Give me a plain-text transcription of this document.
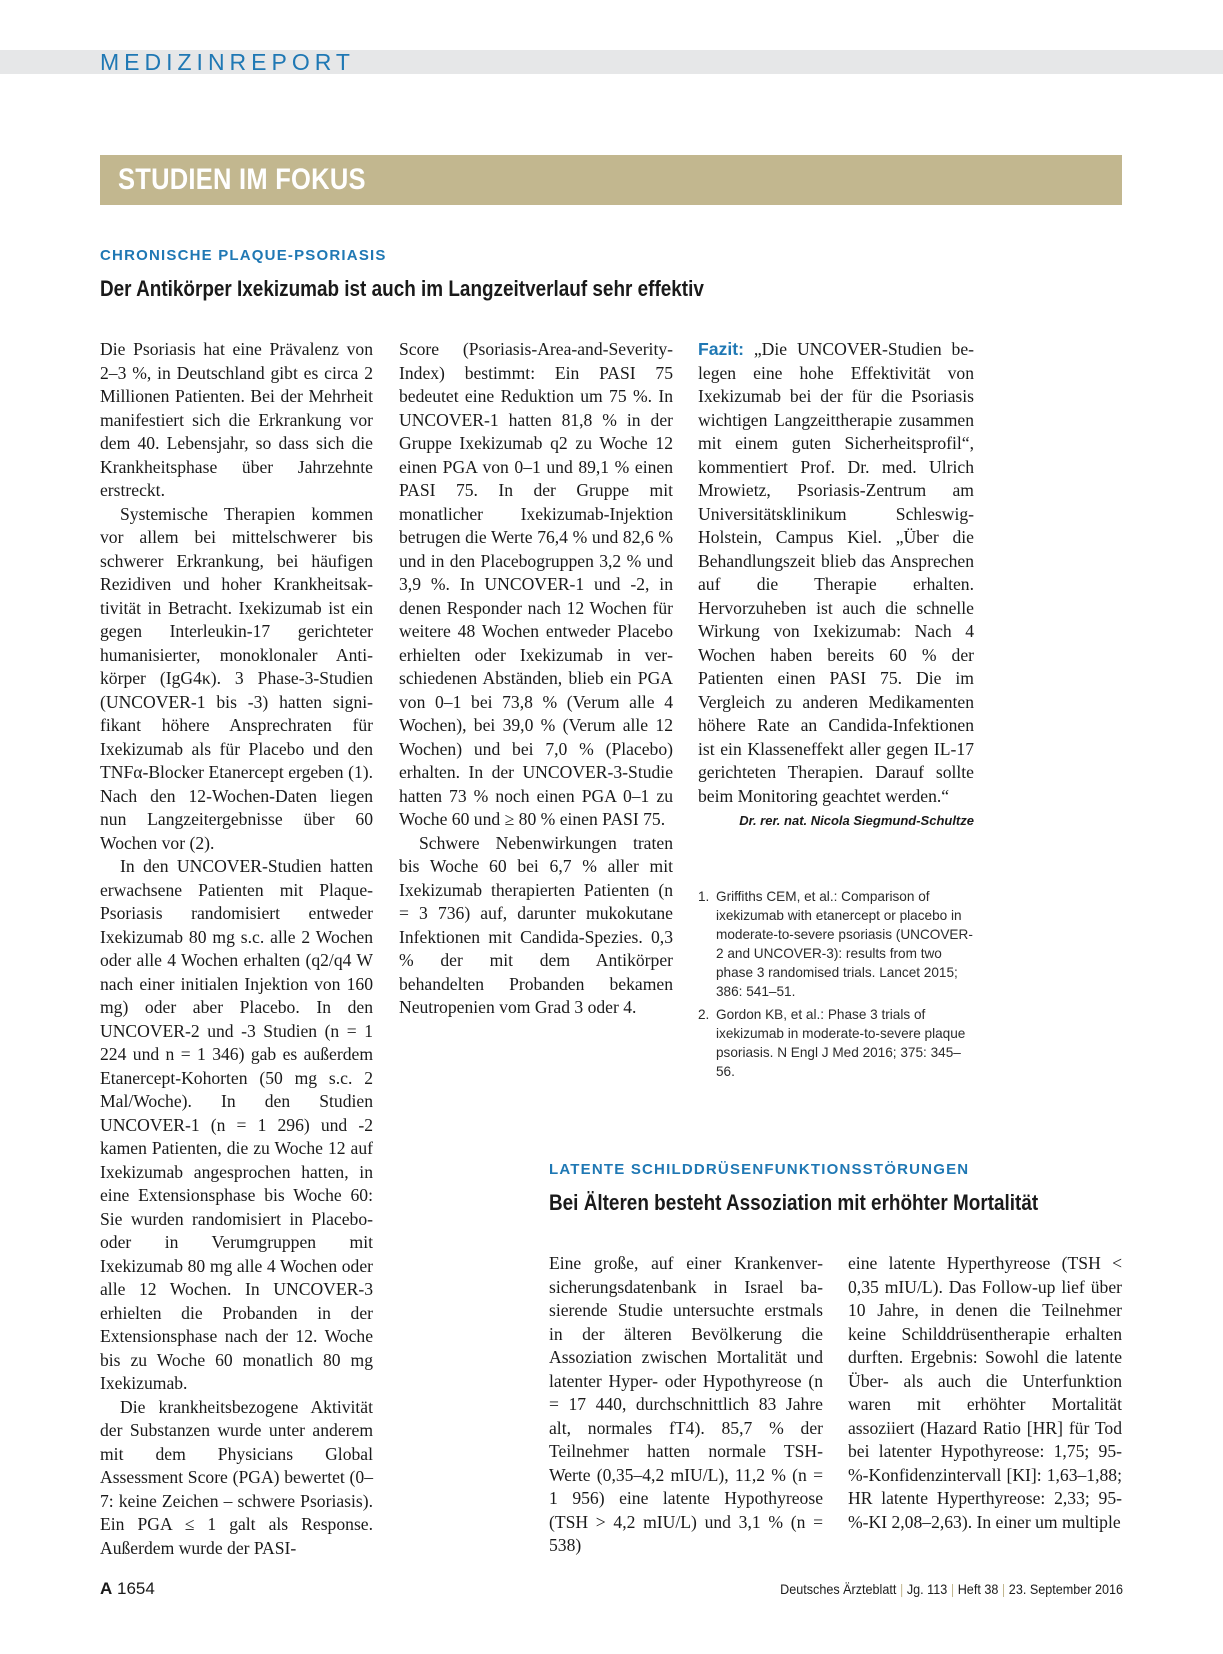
MEDIZINREPORT
STUDIEN IM FOKUS
CHRONISCHE PLAQUE-PSORIASIS
Der Antikörper Ixekizumab ist auch im Langzeitverlauf sehr effektiv

Die Psoriasis hat eine Prävalenz von 2–3 %, in Deutschland gibt es circa 2 Millionen Patienten. Bei der Mehrheit manifestiert sich die Erkrankung vor dem 40. Lebensjahr, so dass sich die Krankheitsphase über Jahrzehnte erstreckt.

Systemische Therapien kommen vor allem bei mittelschwerer bis schwerer Erkrankung, bei häufigen Rezidiven und hoher Krankheitsaktivität in Betracht. Ixekizumab ist ein gegen Interleukin-17 gerichteter humanisierter, monoklonaler Antikörper (IgG4κ). 3 Phase-3-Studien (UNCOVER-1 bis -3) hatten signifikant höhere Ansprechraten für Ixekizumab als für Placebo und den TNFα-Blocker Etanercept ergeben (1). Nach den 12-Wochen-Daten liegen nun Langzeitergebnisse über 60 Wochen vor (2).

In den UNCOVER-Studien hatten erwachsene Patienten mit Plaque-Psoriasis randomisiert entweder Ixekizumab 80 mg s.c. alle 2 Wochen oder alle 4 Wochen erhalten (q2/q4 W nach einer initialen Injektion von 160 mg) oder aber Placebo. In den UNCOVER-2 und -3 Studien (n = 1 224 und n = 1 346) gab es außerdem Etanercept-Kohorten (50 mg s.c. 2 Mal/Woche). In den Studien UNCOVER-1 (n = 1 296) und -2 kamen Patienten, die zu Woche 12 auf Ixekizumab angesprochen hatten, in eine Extensionsphase bis Woche 60: Sie wurden randomisiert in Placebo- oder in Verumgruppen mit Ixekizumab 80 mg alle 4 Wochen oder alle 12 Wochen. In UNCOVER-3 erhielten die Probanden in der Extensionsphase nach der 12. Woche bis zu Woche 60 monatlich 80 mg Ixekizumab.

Die krankheitsbezogene Aktivität der Substanzen wurde unter anderem mit dem Physicians Global Assessment Score (PGA) bewertet (0–7: keine Zeichen – schwere Psoriasis). Ein PGA ≤ 1 galt als Response. Außerdem wurde der PASI-

Score (Psoriasis-Area-and-Severity-Index) bestimmt: Ein PASI 75 bedeutet eine Reduktion um 75 %. In UNCOVER-1 hatten 81,8 % in der Gruppe Ixekizumab q2 zu Woche 12 einen PGA von 0–1 und 89,1 % einen PASI 75. In der Gruppe mit monatlicher Ixekizumab-Injektion betrugen die Werte 76,4 % und 82,6 % und in den Placebogruppen 3,2 % und 3,9 %. In UNCOVER-1 und -2, in denen Responder nach 12 Wochen für weitere 48 Wochen entweder Placebo erhielten oder Ixekizumab in verschiedenen Abständen, blieb ein PGA von 0–1 bei 73,8 % (Verum alle 4 Wochen), bei 39,0 % (Verum alle 12 Wochen) und bei 7,0 % (Placebo) erhalten. In der UNCOVER-3-Studie hatten 73 % noch einen PGA 0–1 zu Woche 60 und ≥ 80 % einen PASI 75.

Schwere Nebenwirkungen traten bis Woche 60 bei 6,7 % aller mit Ixekizumab therapierten Patienten (n = 3 736) auf, darunter mukokutane Infektionen mit Candida-Spezies. 0,3 % der mit dem Antikörper behandelten Probanden bekamen Neutropenien vom Grad 3 oder 4.

Fazit: „Die UNCOVER-Studien belegen eine hohe Effektivität von Ixekizumab bei der für die Psoriasis wichtigen Langzeittherapie zusammen mit einem guten Sicherheitsprofil“, kommentiert Prof. Dr. med. Ulrich Mrowietz, Psoriasis-Zentrum am Universitätsklinikum Schleswig-Holstein, Campus Kiel. „Über die Behandlungszeit blieb das Ansprechen auf die Therapie erhalten. Hervorzuheben ist auch die schnelle Wirkung von Ixekizumab: Nach 4 Wochen haben bereits 60 % der Patienten einen PASI 75. Die im Vergleich zu anderen Medikamenten höhere Rate an Candida-Infektionen ist ein Klasseneffekt aller gegen IL-17 gerichteten Therapien. Darauf sollte beim Monitoring geachtet werden.“

Dr. rer. nat. Nicola Siegmund-Schultze
1. Griffiths CEM, et al.: Comparison of ixekizumab with etanercept or placebo in moderate-to-severe psoriasis (UNCOVER-2 and UNCOVER-3): results from two phase 3 randomised trials. Lancet 2015; 386: 541–51.
2. Gordon KB, et al.: Phase 3 trials of ixekizumab in moderate-to-severe plaque psoriasis. N Engl J Med 2016; 375: 345–56.
LATENTE SCHILDDRÜSENFUNKTIONSSTÖRUNGEN
Bei Älteren besteht Assoziation mit erhöhter Mortalität

Eine große, auf einer Krankenversicherungsdatenbank in Israel basierende Studie untersuchte erstmals in der älteren Bevölkerung die Assoziation zwischen Mortalität und latenter Hyper- oder Hypothyreose (n = 17 440, durchschnittlich 83 Jahre alt, normales fT4). 85,7 % der Teilnehmer hatten normale TSH-Werte (0,35–4,2 mIU/L), 11,2 % (n = 1 956) eine latente Hypothyreose (TSH > 4,2 mIU/L) und 3,1 % (n = 538)

eine latente Hyperthyreose (TSH < 0,35 mIU/L). Das Follow-up lief über 10 Jahre, in denen die Teilnehmer keine Schilddrüsentherapie erhalten durften. Ergebnis: Sowohl die latente Über- als auch die Unterfunktion waren mit erhöhter Mortalität assoziiert (Hazard Ratio [HR] für Tod bei latenter Hypothyreose: 1,75; 95-%-Konfidenzintervall [KI]: 1,63–1,88; HR latente Hyperthyreose: 2,33; 95-%-KI 2,08–2,63). In einer um multiple

A 1654	Deutsches Ärzteblatt | Jg. 113 | Heft 38 | 23. September 2016
